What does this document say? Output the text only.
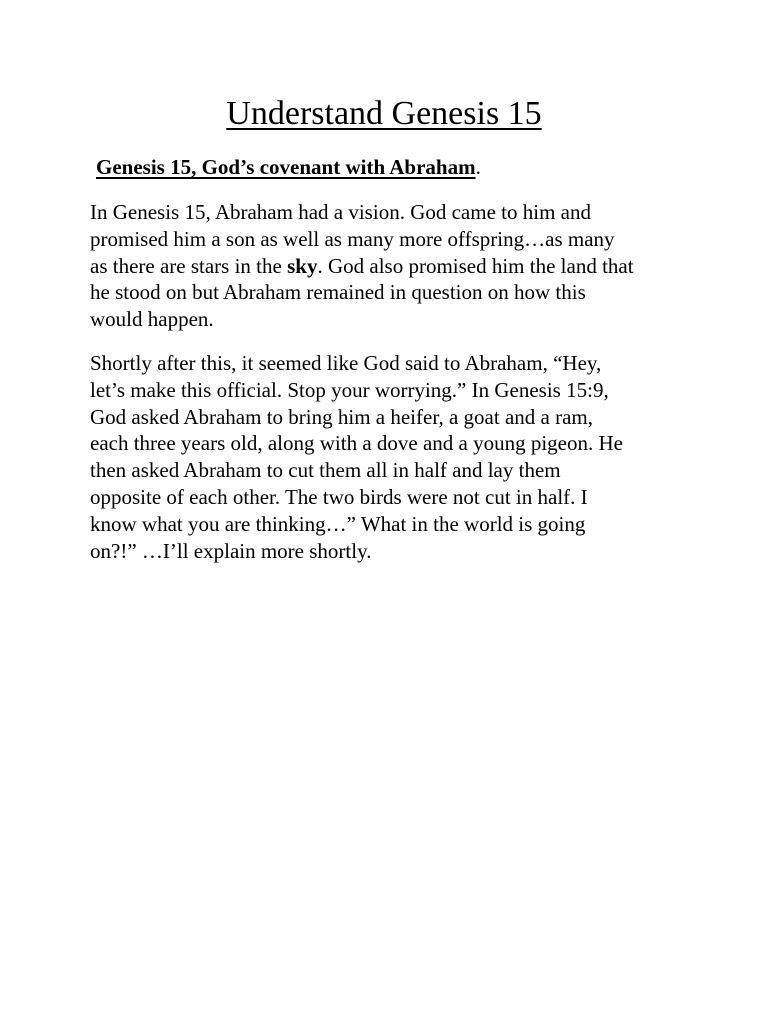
Understand Genesis 15
Genesis 15, God’s covenant with Abraham.
In Genesis 15, Abraham had a vision. God came to him and
promised him a son as well as many more offspring…as many
as there are stars in the sky. God also promised him the land that
he stood on but Abraham remained in question on how this
would happen.
Shortly after this, it seemed like God said to Abraham, “Hey,
let’s make this official. Stop your worrying.” In Genesis 15:9,
God asked Abraham to bring him a heifer, a goat and a ram,
each three years old, along with a dove and a young pigeon. He
then asked Abraham to cut them all in half and lay them
opposite of each other. The two birds were not cut in half. I
know what you are thinking…” What in the world is going
on?!” …I’ll explain more shortly.
